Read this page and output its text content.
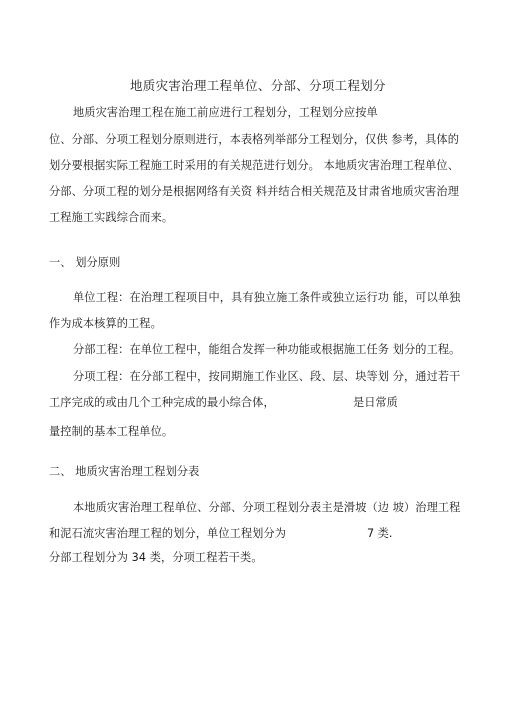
地质灾害治理工程单位、分部、分项工程划分
地质灾害治理工程在施工前应进行工程划分，工程划分应按单
位、分部、分项工程划分原则进行，本表格列举部分工程划分，仅供 参考，具体的
划分要根据实际工程施工时采用的有关规范进行划分。 本地质灾害治理工程单位、
分部、分项工程的划分是根据网络有关资 料并结合相关规范及甘肃省地质灾害治理
工程施工实践综合而来。
一、 划分原则
单位工程：在治理工程项目中，具有独立施工条件或独立运行功 能，可以单独
作为成本核算的工程。
分部工程：在单位工程中，能组合发挥一种功能或根据施工任务 划分的工程。
分项工程：在分部工程中，按同期施工作业区、段、层、块等划 分，通过若干
工序完成的或由几个工种完成的最小综合体，	是日常质
量控制的基本工程单位。
二、 地质灾害治理工程划分表
本地质灾害治理工程单位、分部、分项工程划分表主是滑坡（边 坡）治理工程
和泥石流灾害治理工程的划分，单位工程划分为	7 类.
分部工程划分为 34 类，分项工程若干类。
